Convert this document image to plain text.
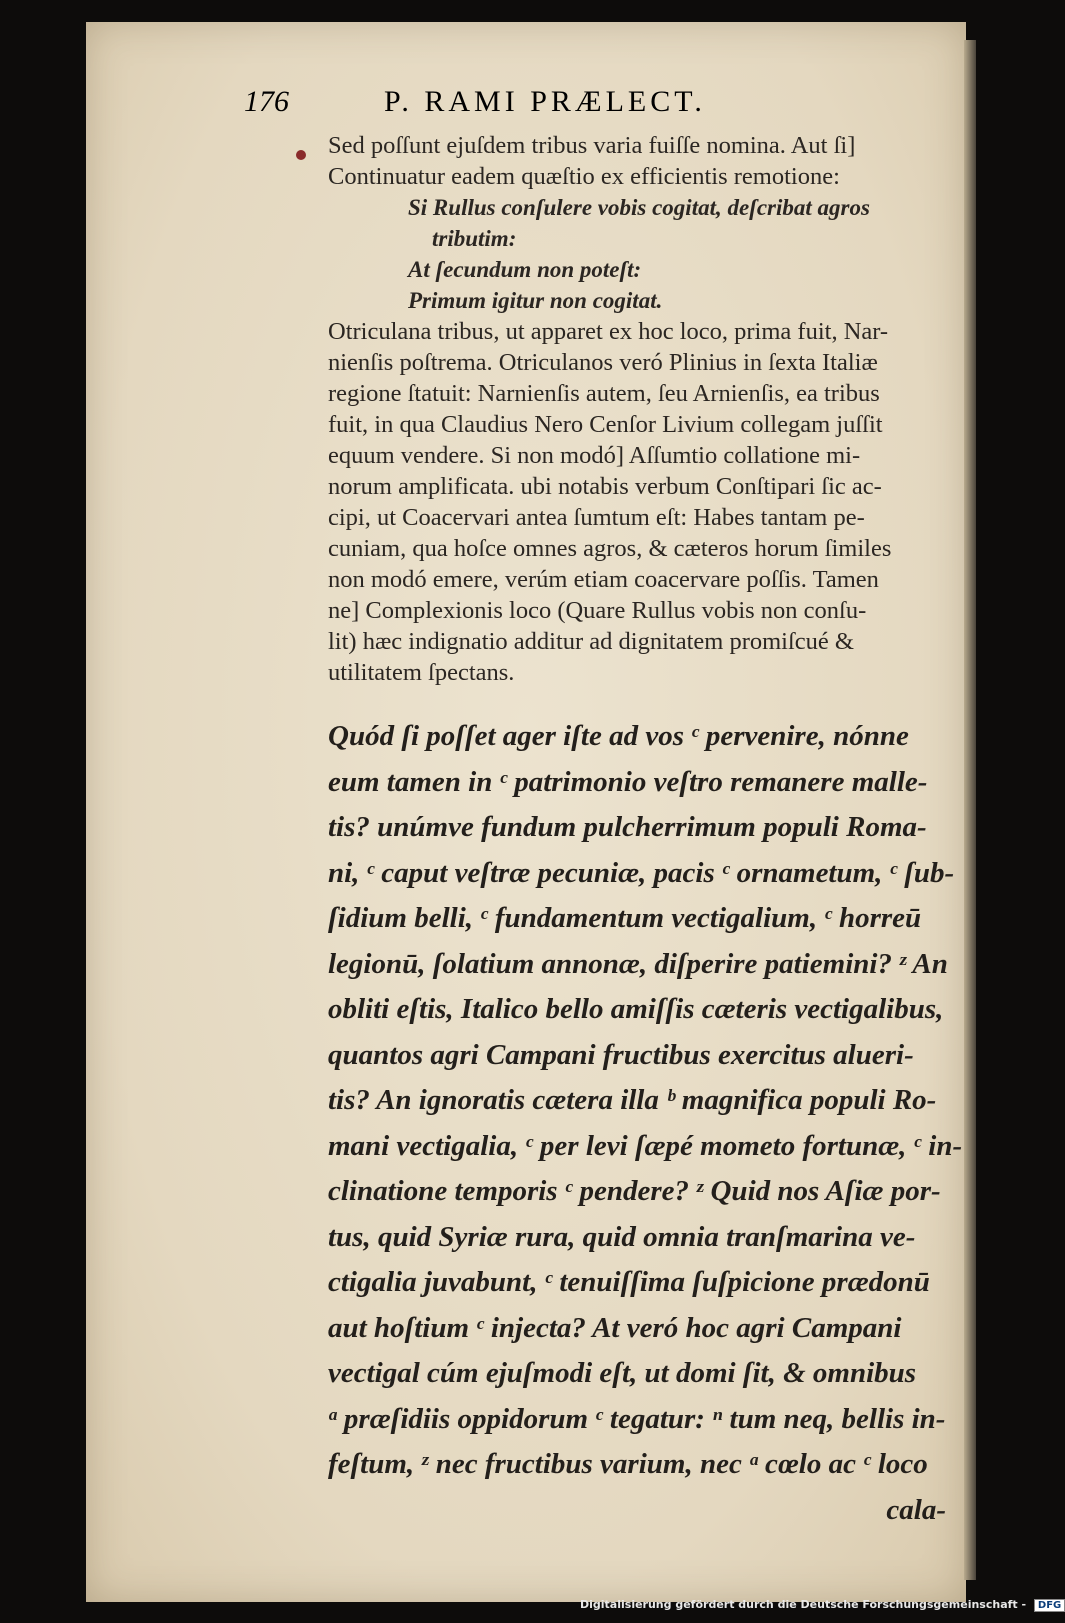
176	P. RAMI PRÆLECT.
Sed poſſunt ejuſdem tribus varia fuiſſe nomina. Aut ſi]
Continuatur eadem quæſtio ex efficientis remotione:
Si Rullus conſulere vobis cogitat, deſcribat agros
tributim:
At ſecundum non poteſt:
Primum igitur non cogitat.
Otriculana tribus, ut apparet ex hoc loco, prima fuit, Nar-
nienſis poſtrema. Otriculanos veró Plinius in ſexta Italiæ
regione ſtatuit: Narnienſis autem, ſeu Arnienſis, ea tribus
fuit, in qua Claudius Nero Cenſor Livium collegam juſſit
equum vendere. Si non modó] Aſſumtio collatione mi-
norum amplificata. ubi notabis verbum Conſtipari ſic ac-
cipi, ut Coacervari antea ſumtum eſt: Habes tantam pe-
cuniam, qua hoſce omnes agros, & cæteros horum ſimiles
non modó emere, verúm etiam coacervare poſſis. Tamen
ne] Complexionis loco (Quare Rullus vobis non conſu-
lit) hæc indignatio additur ad dignitatem promiſcué &
utilitatem ſpectans.
Quód ſi poſſet ager iſte ad vos ᶜ pervenire, nónne
eum tamen in ᶜ patrimonio veſtro remanere malle-
tis? unúmve fundum pulcherrimum populi Roma-
ni, ᶜ caput veſtræ pecuniæ, pacis ᶜ ornametum, ᶜ ſub-
ſidium belli, ᶜ fundamentum vectigalium, ᶜ horreū
legionū, ſolatium annonæ, diſperire patiemini? ᶻ An
obliti eſtis, Italico bello amiſſis cæteris vectigalibus,
quantos agri Campani fructibus exercitus alueri-
tis? An ignoratis cætera illa ᵇ magnifica populi Ro-
mani vectigalia, ᶜ per levi ſæpé mometo fortunæ, ᶜ in-
clinatione temporis ᶜ pendere? ᶻ Quid nos Aſiæ por-
tus, quid Syriæ rura, quid omnia tranſmarina ve-
ctigalia juvabunt, ᶜ tenuiſſima ſuſpicione prædonū
aut hoſtium ᶜ injecta? At veró hoc agri Campani
vectigal cúm ejuſmodi eſt, ut domi ſit, & omnibus
ᵃ præſidiis oppidorum ᶜ tegatur: ⁿ tum neq, bellis in-
feſtum, ᶻ nec fructibus varium, nec ᵃ cœlo ac ᶜ loco
cala-
Digitalisierung gefördert durch die Deutsche Forschungsgemeinschaft - DFG
